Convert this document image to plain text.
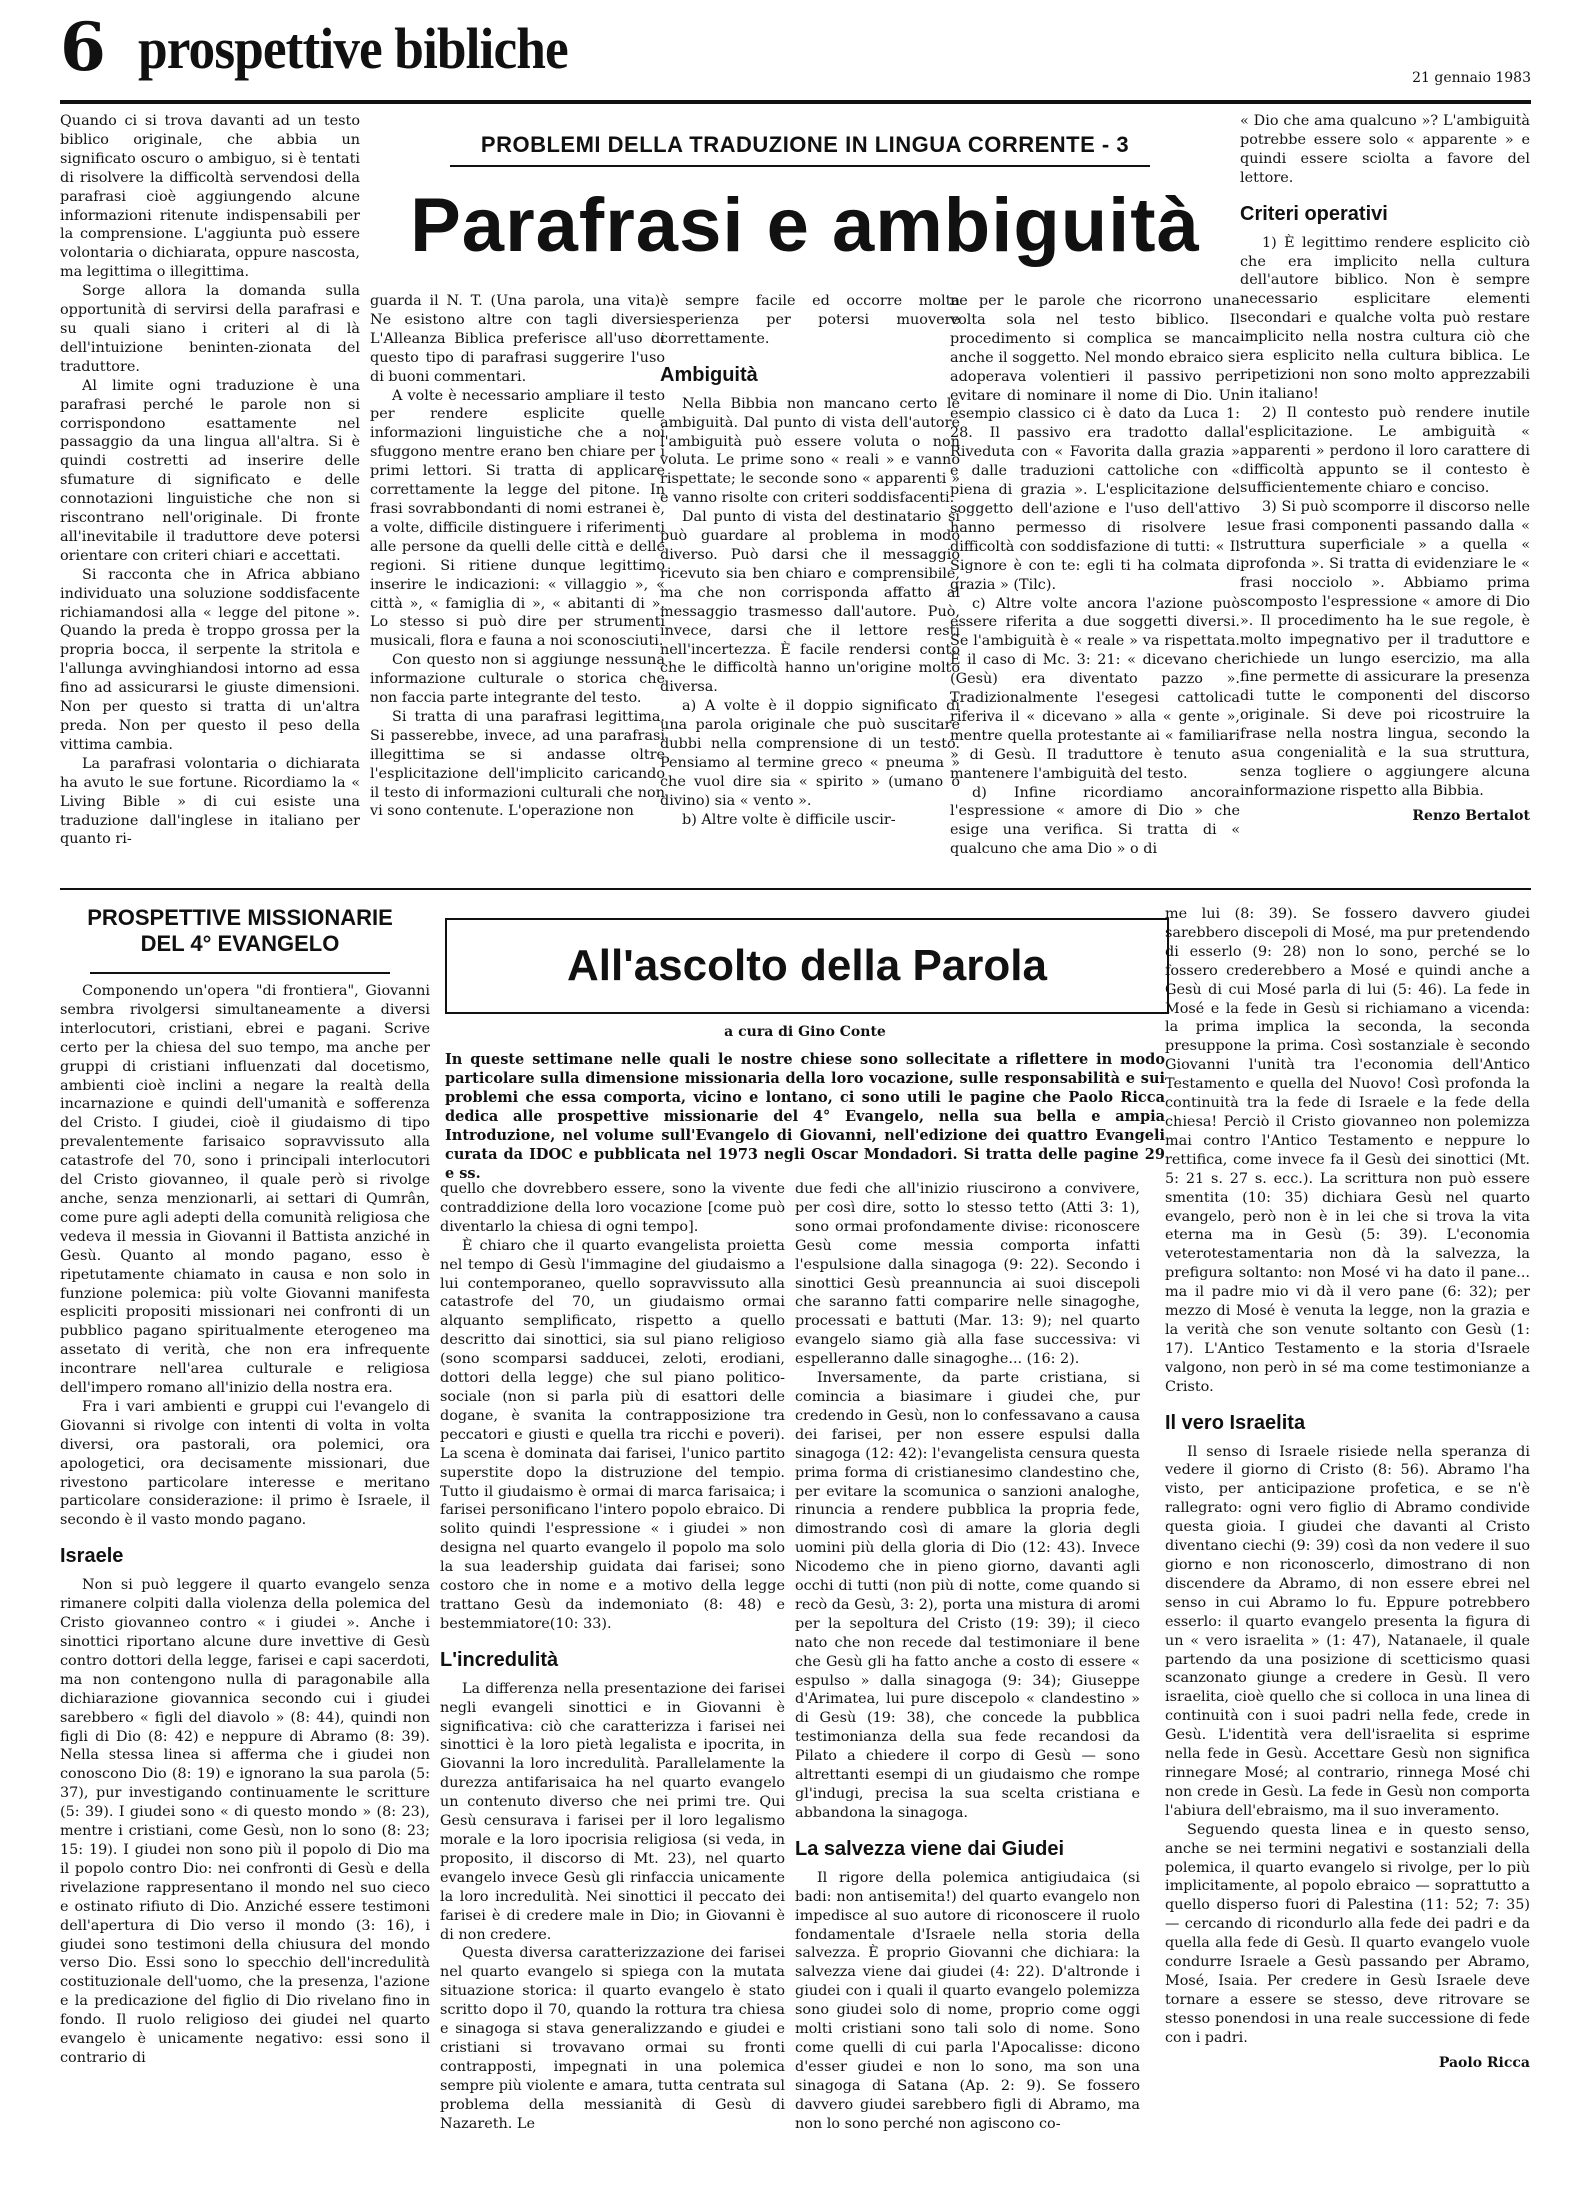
6 prospettive bibliche	21 gennaio 1983

Quando ci si trova davanti ad un testo biblico originale, che abbia un significato oscuro o ambiguo, si è tentati di risolvere la difficoltà servendosi della parafrasi cioè aggiungendo alcune informazioni ritenute indispensabili per la comprensione. L'aggiunta può essere volontaria o dichiarata, oppure nascosta, ma legittima o illegittima.

Sorge allora la domanda sulla opportunità di servirsi della parafrasi e su quali siano i criteri al di là dell'intuizione beninten-zionata del traduttore.

Al limite ogni traduzione è una parafrasi perché le parole non si corrispondono esattamente nel passaggio da una lingua all'altra. Si è quindi costretti ad inserire delle sfumature di significato e delle connotazioni linguistiche che non si riscontrano nell'originale. Di fronte all'inevitabile il traduttore deve potersi orientare con criteri chiari e accettati.

Si racconta che in Africa abbiano individuato una soluzione soddisfacente richiamandosi alla « legge del pitone ». Quando la preda è troppo grossa per la propria bocca, il serpente la stritola e l'allunga avvinghiandosi intorno ad essa fino ad assicurarsi le giuste dimensioni. Non per questo si tratta di un'altra preda. Non per questo il peso della vittima cambia.

La parafrasi volontaria o dichiarata ha avuto le sue fortune. Ricordiamo la « Living Bible » di cui esiste una traduzione dall'inglese in italiano per quanto ri-

PROBLEMI DELLA TRADUZIONE IN LINGUA CORRENTE - 3
Parafrasi e ambiguità

guarda il N. T. (Una parola, una vita). Ne esistono altre con tagli diversi. L'Alleanza Biblica preferisce all'uso di questo tipo di parafrasi suggerire l'uso di buoni commentari.

A volte è necessario ampliare il testo per rendere esplicite quelle informazioni linguistiche che a noi sfuggono mentre erano ben chiare per i primi lettori. Si tratta di applicare correttamente la legge del pitone. In frasi sovrabbondanti di nomi estranei è, a volte, difficile distinguere i riferimenti alle persone da quelli delle città e delle regioni. Si ritiene dunque legittimo inserire le indicazioni: « villaggio », « città », « famiglia di », « abitanti di ». Lo stesso si può dire per strumenti musicali, flora e fauna a noi sconosciuti.

Con questo non si aggiunge nessuna informazione culturale o storica che non faccia parte integrante del testo.

Si tratta di una parafrasi legittima. Si passerebbe, invece, ad una parafrasi illegittima se si andasse oltre l'esplicitazione dell'implicito caricando il testo di informazioni culturali che non vi sono contenute. L'operazione non

è sempre facile ed occorre molta esperienza per potersi muovere correttamente.

Ambiguità

Nella Bibbia non mancano certo le ambiguità. Dal punto di vista dell'autore l'ambiguità può essere voluta o non voluta. Le prime sono « reali » e vanno rispettate; le seconde sono « apparenti » e vanno risolte con criteri soddisfacenti.

Dal punto di vista del destinatario si può guardare al problema in modo diverso. Può darsi che il messaggio ricevuto sia ben chiaro e comprensibile, ma che non corrisponda affatto al messaggio trasmesso dall'autore. Può, invece, darsi che il lettore resti nell'incertezza. È facile rendersi conto che le difficoltà hanno un'origine molto diversa.

a) A volte è il doppio significato di una parola originale che può suscitare dubbi nella comprensione di un testo. Pensiamo al termine greco « pneuma » che vuol dire sia « spirito » (umano o divino) sia « vento ».

b) Altre volte è difficile uscir-

ne per le parole che ricorrono una volta sola nel testo biblico. Il procedimento si complica se manca anche il soggetto. Nel mondo ebraico si adoperava volentieri il passivo per evitare di nominare il nome di Dio. Un esempio classico ci è dato da Luca 1: 28. Il passivo era tradotto dalla Riveduta con « Favorita dalla grazia » e dalle traduzioni cattoliche con « piena di grazia ». L'esplicitazione del soggetto dell'azione e l'uso dell'attivo hanno permesso di risolvere le difficoltà con soddisfazione di tutti: « Il Signore è con te: egli ti ha colmata di grazia » (Tilc).

c) Altre volte ancora l'azione può essere riferita a due soggetti diversi. Se l'ambiguità è « reale » va rispettata. È il caso di Mc. 3: 21: « dicevano che (Gesù) era diventato pazzo ». Tradizionalmente l'esegesi cattolica riferiva il « dicevano » alla « gente », mentre quella protestante ai « familiari » di Gesù. Il traduttore è tenuto a mantenere l'ambiguità del testo.

d) Infine ricordiamo ancora l'espressione « amore di Dio » che esige una verifica. Si tratta di « qualcuno che ama Dio » o di

« Dio che ama qualcuno »? L'ambiguità potrebbe essere solo « apparente » e quindi essere sciolta a favore del lettore.

Criteri operativi

1) È legittimo rendere esplicito ciò che era implicito nella cultura dell'autore biblico. Non è sempre necessario esplicitare elementi secondari e qualche volta può restare implicito nella nostra cultura ciò che era esplicito nella cultura biblica. Le ripetizioni non sono molto apprezzabili in italiano!

2) Il contesto può rendere inutile l'esplicitazione. Le ambiguità « apparenti » perdono il loro carattere di difficoltà appunto se il contesto è sufficientemente chiaro e conciso.

3) Si può scomporre il discorso nelle sue frasi componenti passando dalla « struttura superficiale » a quella « profonda ». Si tratta di evidenziare le « frasi nocciolo ». Abbiamo prima scomposto l'espressione « amore di Dio ». Il procedimento ha le sue regole, è molto impegnativo per il traduttore e richiede un lungo esercizio, ma alla fine permette di assicurare la presenza di tutte le componenti del discorso originale. Si deve poi ricostruire la frase nella nostra lingua, secondo la sua congenialità e la sua struttura, senza togliere o aggiungere alcuna informazione rispetto alla Bibbia.

Renzo Bertalot
PROSPETTIVE MISSIONARIE
DEL 4° EVANGELO

Componendo un'opera "di frontiera", Giovanni sembra rivolgersi simultaneamente a diversi interlocutori, cristiani, ebrei e pagani. Scrive certo per la chiesa del suo tempo, ma anche per gruppi di cristiani influenzati dal docetismo, ambienti cioè inclini a negare la realtà della incarnazione e quindi dell'umanità e sofferenza del Cristo. I giudei, cioè il giudaismo di tipo prevalentemente farisaico sopravvissuto alla catastrofe del 70, sono i principali interlocutori del Cristo giovanneo, il quale però si rivolge anche, senza menzionarli, ai settari di Qumrân, come pure agli adepti della comunità religiosa che vedeva il messia in Giovanni il Battista anziché in Gesù. Quanto al mondo pagano, esso è ripetutamente chiamato in causa e non solo in funzione polemica: più volte Giovanni manifesta espliciti propositi missionari nei confronti di un pubblico pagano spiritualmente eterogeneo ma assetato di verità, che non era infrequente incontrare nell'area culturale e religiosa dell'impero romano all'inizio della nostra era.

Fra i vari ambienti e gruppi cui l'evangelo di Giovanni si rivolge con intenti di volta in volta diversi, ora pastorali, ora polemici, ora apologetici, ora decisamente missionari, due rivestono particolare interesse e meritano particolare considerazione: il primo è Israele, il secondo è il vasto mondo pagano.

Israele

Non si può leggere il quarto evangelo senza rimanere colpiti dalla violenza della polemica del Cristo giovanneo contro « i giudei ». Anche i sinottici riportano alcune dure invettive di Gesù contro dottori della legge, farisei e capi sacerdoti, ma non contengono nulla di paragonabile alla dichiarazione giovannica secondo cui i giudei sarebbero « figli del diavolo » (8: 44), quindi non figli di Dio (8: 42) e neppure di Abramo (8: 39). Nella stessa linea si afferma che i giudei non conoscono Dio (8: 19) e ignorano la sua parola (5: 37), pur investigando continuamente le scritture (5: 39). I giudei sono « di questo mondo » (8: 23), mentre i cristiani, come Gesù, non lo sono (8: 23; 15: 19). I giudei non sono più il popolo di Dio ma il popolo contro Dio: nei confronti di Gesù e della rivelazione rappresentano il mondo nel suo cieco e ostinato rifiuto di Dio. Anziché essere testimoni dell'apertura di Dio verso il mondo (3: 16), i giudei sono testimoni della chiusura del mondo verso Dio. Essi sono lo specchio dell'incredulità costituzionale dell'uomo, che la presenza, l'azione e la predicazione del figlio di Dio rivelano fino in fondo. Il ruolo religioso dei giudei nel quarto evangelo è unicamente negativo: essi sono il contrario di

All'ascolto della Parola
a cura di Gino Conte
In queste settimane nelle quali le nostre chiese sono sollecitate a riflettere in modo particolare sulla dimensione missionaria della loro vocazione, sulle responsabilità e sui problemi che essa comporta, vicino e lontano, ci sono utili le pagine che Paolo Ricca dedica alle prospettive missionarie del 4° Evangelo, nella sua bella e ampia Introduzione, nel volume sull'Evangelo di Giovanni, nell'edizione dei quattro Evangeli curata da IDOC e pubblicata nel 1973 negli Oscar Mondadori. Si tratta delle pagine 29 e ss.

quello che dovrebbero essere, sono la vivente contraddizione della loro vocazione [come può diventarlo la chiesa di ogni tempo].

È chiaro che il quarto evangelista proietta nel tempo di Gesù l'immagine del giudaismo a lui contemporaneo, quello sopravvissuto alla catastrofe del 70, un giudaismo ormai alquanto semplificato, rispetto a quello descritto dai sinottici, sia sul piano religioso (sono scomparsi sadducei, zeloti, erodiani, dottori della legge) che sul piano politico-sociale (non si parla più di esattori delle dogane, è svanita la contrapposizione tra peccatori e giusti e quella tra ricchi e poveri). La scena è dominata dai farisei, l'unico partito superstite dopo la distruzione del tempio. Tutto il giudaismo è ormai di marca farisaica; i farisei personificano l'intero popolo ebraico. Di solito quindi l'espressione « i giudei » non designa nel quarto evangelo il popolo ma solo la sua leadership guidata dai farisei; sono costoro che in nome e a motivo della legge trattano Gesù da indemoniato (8: 48) e bestemmiatore(10: 33).

L'incredulità

La differenza nella presentazione dei farisei negli evangeli sinottici e in Giovanni è significativa: ciò che caratterizza i farisei nei sinottici è la loro pietà legalista e ipocrita, in Giovanni la loro incredulità. Parallelamente la durezza antifarisaica ha nel quarto evangelo un contenuto diverso che nei primi tre. Qui Gesù censurava i farisei per il loro legalismo morale e la loro ipocrisia religiosa (si veda, in proposito, il discorso di Mt. 23), nel quarto evangelo invece Gesù gli rinfaccia unicamente la loro incredulità. Nei sinottici il peccato dei farisei è di credere male in Dio; in Giovanni è di non credere.

Questa diversa caratterizzazione dei farisei nel quarto evangelo si spiega con la mutata situazione storica: il quarto evangelo è stato scritto dopo il 70, quando la rottura tra chiesa e sinagoga si stava generalizzando e giudei e cristiani si trovavano ormai su fronti contrapposti, impegnati in una polemica sempre più violente e amara, tutta centrata sul problema della messianità di Gesù di Nazareth. Le

due fedi che all'inizio riuscirono a convivere, per così dire, sotto lo stesso tetto (Atti 3: 1), sono ormai profondamente divise: riconoscere Gesù come messia comporta infatti l'espulsione dalla sinagoga (9: 22). Secondo i sinottici Gesù preannuncia ai suoi discepoli che saranno fatti comparire nelle sinagoghe, processati e battuti (Mar. 13: 9); nel quarto evangelo siamo già alla fase successiva: vi espelleranno dalle sinagoghe... (16: 2).

Inversamente, da parte cristiana, si comincia a biasimare i giudei che, pur credendo in Gesù, non lo confessavano a causa dei farisei, per non essere espulsi dalla sinagoga (12: 42): l'evangelista censura questa prima forma di cristianesimo clandestino che, per evitare la scomunica o sanzioni analoghe, rinuncia a rendere pubblica la propria fede, dimostrando così di amare la gloria degli uomini più della gloria di Dio (12: 43). Invece Nicodemo che in pieno giorno, davanti agli occhi di tutti (non più di notte, come quando si recò da Gesù, 3: 2), porta una mistura di aromi per la sepoltura del Cristo (19: 39); il cieco nato che non recede dal testimoniare il bene che Gesù gli ha fatto anche a costo di essere « espulso » dalla sinagoga (9: 34); Giuseppe d'Arimatea, lui pure discepolo « clandestino » di Gesù (19: 38), che concede la pubblica testimonianza della sua fede recandosi da Pilato a chiedere il corpo di Gesù — sono altrettanti esempi di un giudaismo che rompe gl'indugi, precisa la sua scelta cristiana e abbandona la sinagoga.

La salvezza viene dai Giudei

Il rigore della polemica antigiudaica (si badi: non antisemita!) del quarto evangelo non impedisce al suo autore di riconoscere il ruolo fondamentale d'Israele nella storia della salvezza. È proprio Giovanni che dichiara: la salvezza viene dai giudei (4: 22). D'altronde i giudei con i quali il quarto evangelo polemizza sono giudei solo di nome, proprio come oggi molti cristiani sono tali solo di nome. Sono come quelli di cui parla l'Apocalisse: dicono d'esser giudei e non lo sono, ma son una sinagoga di Satana (Ap. 2: 9). Se fossero davvero giudei sarebbero figli di Abramo, ma non lo sono perché non agiscono co-

me lui (8: 39). Se fossero davvero giudei sarebbero discepoli di Mosé, ma pur pretendendo di esserlo (9: 28) non lo sono, perché se lo fossero crederebbero a Mosé e quindi anche a Gesù di cui Mosé parla di lui (5: 46). La fede in Mosé e la fede in Gesù si richiamano a vicenda: la prima implica la seconda, la seconda presuppone la prima. Così sostanziale è secondo Giovanni l'unità tra l'economia dell'Antico Testamento e quella del Nuovo! Così profonda la continuità tra la fede di Israele e la fede della chiesa! Perciò il Cristo giovanneo non polemizza mai contro l'Antico Testamento e neppure lo rettifica, come invece fa il Gesù dei sinottici (Mt. 5: 21 s. 27 s. ecc.). La scrittura non può essere smentita (10: 35) dichiara Gesù nel quarto evangelo, però non è in lei che si trova la vita eterna ma in Gesù (5: 39). L'economia veterotestamentaria non dà la salvezza, la prefigura soltanto: non Mosé vi ha dato il pane... ma il padre mio vi dà il vero pane (6: 32); per mezzo di Mosé è venuta la legge, non la grazia e la verità che son venute soltanto con Gesù (1: 17). L'Antico Testamento e la storia d'Israele valgono, non però in sé ma come testimonianze a Cristo.

Il vero Israelita

Il senso di Israele risiede nella speranza di vedere il giorno di Cristo (8: 56). Abramo l'ha visto, per anticipazione profetica, e se n'è rallegrato: ogni vero figlio di Abramo condivide questa gioia. I giudei che davanti al Cristo diventano ciechi (9: 39) così da non vedere il suo giorno e non riconoscerlo, dimostrano di non discendere da Abramo, di non essere ebrei nel senso in cui Abramo lo fu. Eppure potrebbero esserlo: il quarto evangelo presenta la figura di un « vero israelita » (1: 47), Natanaele, il quale partendo da una posizione di scetticismo quasi scanzonato giunge a credere in Gesù. Il vero israelita, cioè quello che si colloca in una linea di continuità con i suoi padri nella fede, crede in Gesù. L'identità vera dell'israelita si esprime nella fede in Gesù. Accettare Gesù non significa rinnegare Mosé; al contrario, rinnega Mosé chi non crede in Gesù. La fede in Gesù non comporta l'abiura dell'ebraismo, ma il suo inveramento.

Seguendo questa linea e in questo senso, anche se nei termini negativi e sostanziali della polemica, il quarto evangelo si rivolge, per lo più implicitamente, al popolo ebraico — soprattutto a quello disperso fuori di Palestina (11: 52; 7: 35) — cercando di ricondurlo alla fede dei padri e da quella alla fede di Gesù. Il quarto evangelo vuole condurre Israele a Gesù passando per Abramo, Mosé, Isaia. Per credere in Gesù Israele deve tornare a essere se stesso, deve ritrovare se stesso ponendosi in una reale successione di fede con i padri.

Paolo Ricca
